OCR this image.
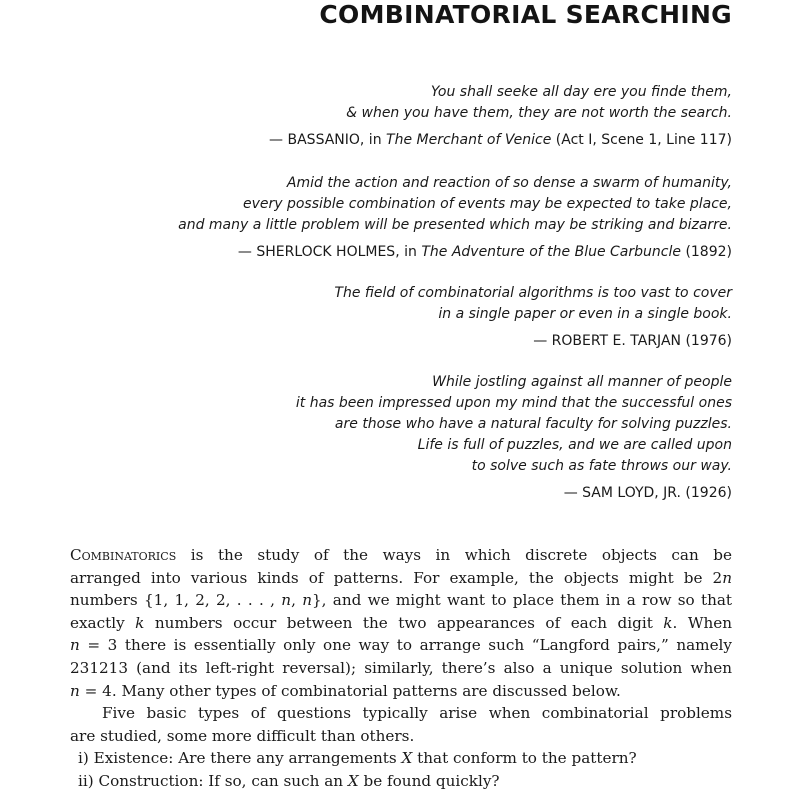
COMBINATORIAL SEARCHING
You shall seeke all day ere you finde them,
& when you have them, they are not worth the search.
— BASSANIO, in The Merchant of Venice (Act I, Scene 1, Line 117)
Amid the action and reaction of so dense a swarm of humanity,
every possible combination of events may be expected to take place,
and many a little problem will be presented which may be striking and bizarre.
— SHERLOCK HOLMES, in The Adventure of the Blue Carbuncle (1892)
The field of combinatorial algorithms is too vast to cover
in a single paper or even in a single book.
— ROBERT E. TARJAN (1976)
While jostling against all manner of people
it has been impressed upon my mind that the successful ones
are those who have a natural faculty for solving puzzles.
Life is full of puzzles, and we are called upon
to solve such as fate throws our way.
— SAM LOYD, JR. (1926)
Combinatorics is the study of the ways in which discrete objects can be
arranged into various kinds of patterns. For example, the objects might be 2n
numbers {1, 1, 2, 2, . . . , n, n}, and we might want to place them in a row so that
exactly k numbers occur between the two appearances of each digit k. When
n = 3 there is essentially only one way to arrange such “Langford pairs,” namely
231213 (and its left-right reversal); similarly, there’s also a unique solution when
n = 4. Many other types of combinatorial patterns are discussed below.
Five basic types of questions typically arise when combinatorial problems
are studied, some more difficult than others.
i) Existence: Are there any arrangements X that conform to the pattern?
ii) Construction: If so, can such an X be found quickly?
